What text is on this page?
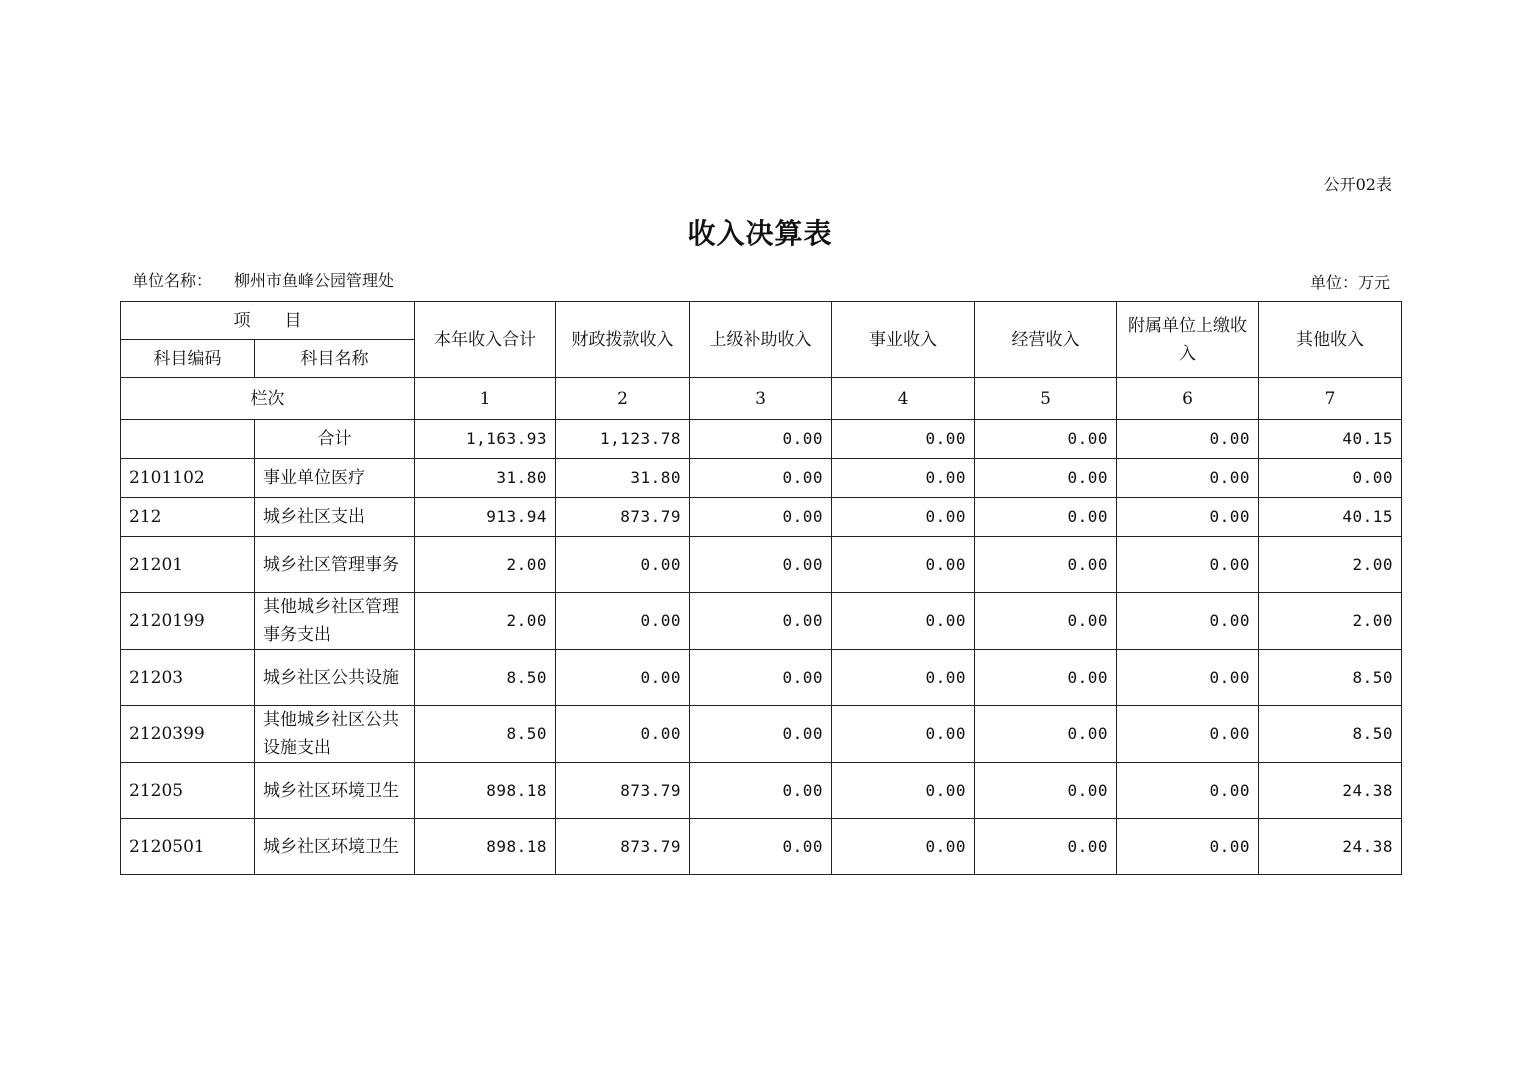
公开02表
收入决算表
单位名称： 柳州市鱼峰公园管理处	单位：万元
项　　目		本年收入合计	财政拨款收入	上级补助收入	事业收入	经营收入	附属单位上缴收入	其他收入
科目编码	科目名称							
栏次		1	2	3	4	5	6	7
	合计	1,163.93	1,123.78	0.00	0.00	0.00	0.00	40.15
2101102	事业单位医疗	31.80	31.80	0.00	0.00	0.00	0.00	0.00
212	城乡社区支出	913.94	873.79	0.00	0.00	0.00	0.00	40.15
21201	城乡社区管理事务	2.00	0.00	0.00	0.00	0.00	0.00	2.00
2120199	其他城乡社区管理事务支出	2.00	0.00	0.00	0.00	0.00	0.00	2.00
21203	城乡社区公共设施	8.50	0.00	0.00	0.00	0.00	0.00	8.50
2120399	其他城乡社区公共设施支出	8.50	0.00	0.00	0.00	0.00	0.00	8.50
21205	城乡社区环境卫生	898.18	873.79	0.00	0.00	0.00	0.00	24.38
2120501	城乡社区环境卫生	898.18	873.79	0.00	0.00	0.00	0.00	24.38
